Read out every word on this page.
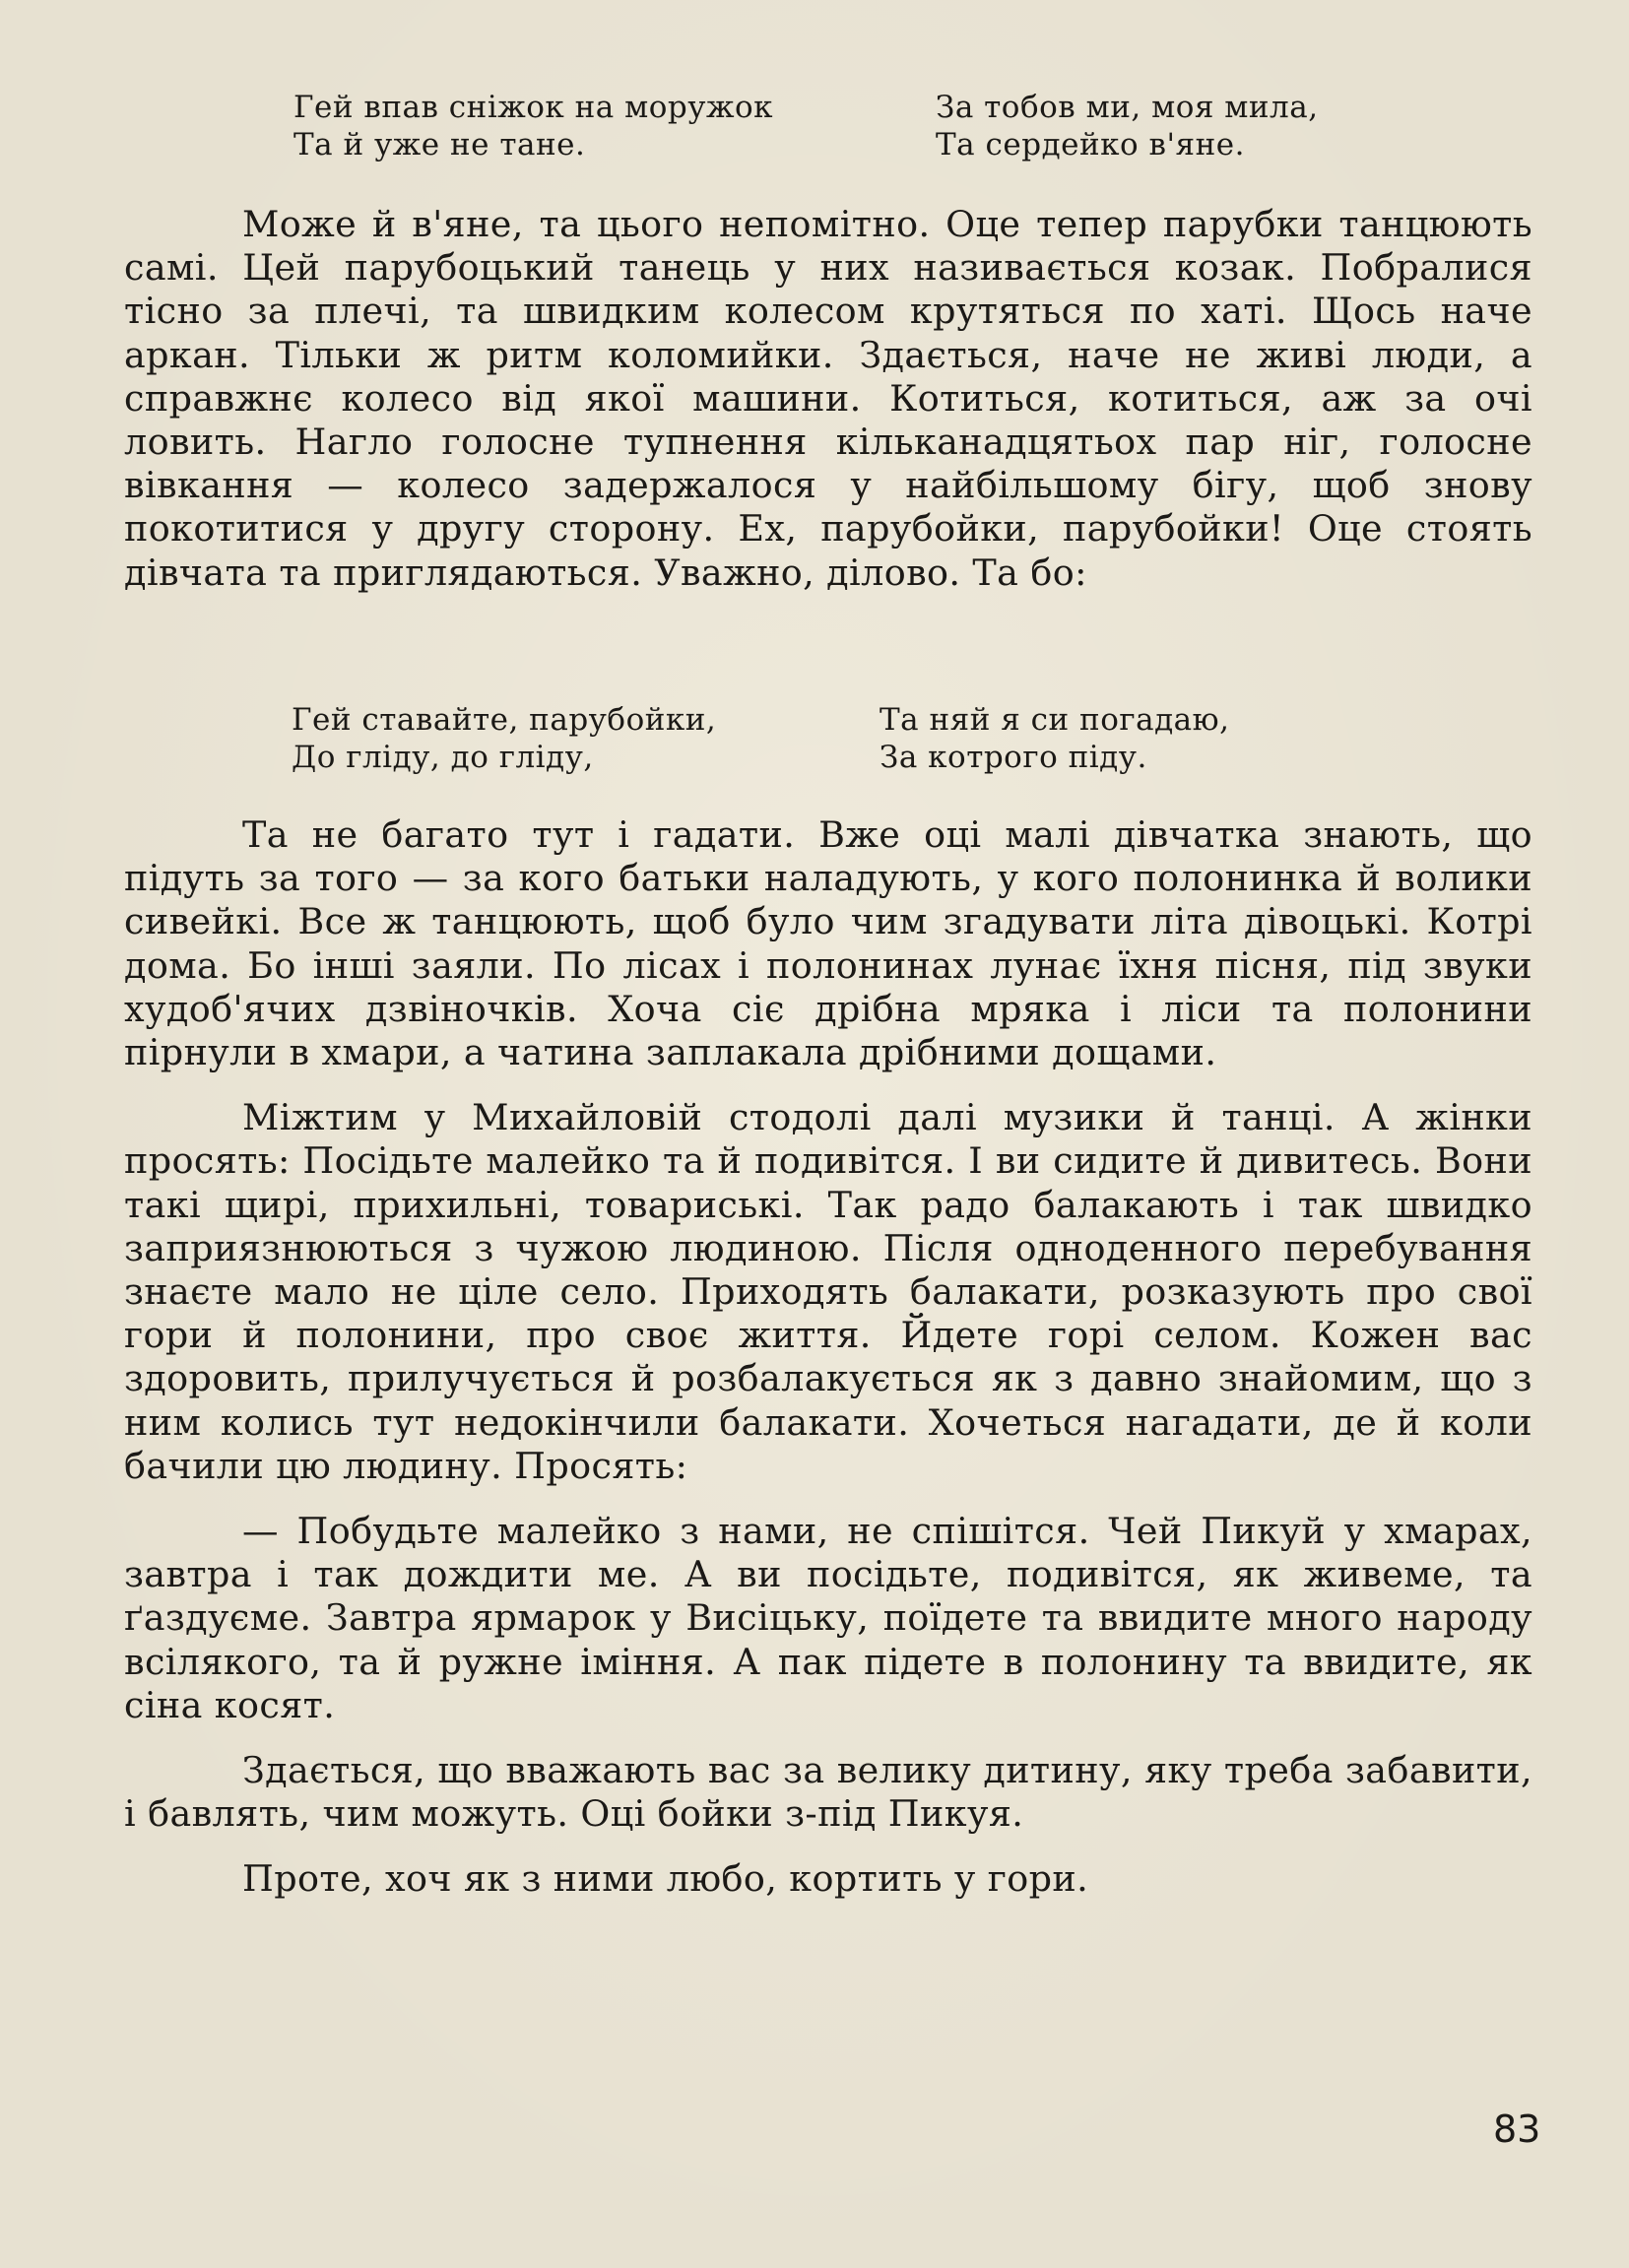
Гей впав сніжок на моружок
Та й уже не тане.
За тобов ми, моя мила,
Та сердейко в'яне.

Може й в'яне, та цього непомітно. Оце тепер парубки танцюють самі. Цей парубоцький танець у них називається козак. Побралися тісно за плечі, та швидким колесом крутяться по хаті. Щось наче аркан. Тільки ж ритм коломийки. Здається, наче не живі люди, а справжнє колесо від якої машини. Котиться, котиться, аж за очі ловить. Нагло голосне тупнення кільканадцятьох пар ніг, голосне вівкання — колесо задержалося у найбільшому бігу, щоб знову покотитися у другу сторону. Ех, парубойки, парубойки! Оце стоять дівчата та приглядаються. Уважно, ділово. Та бо:

Гей ставайте, парубойки,
До гліду, до гліду,
Та няй я си погадаю,
За котрого піду.

Та не багато тут і гадати. Вже оці малі дівчатка знають, що підуть за того — за кого батьки наладують, у кого полонинка й волики сивейкі. Все ж танцюють, щоб було чим згадувати літа дівоцькі. Котрі дома. Бо інші заяли. По лісах і полонинах лунає їхня пісня, під звуки худоб'ячих дзвіночків. Хоча сіє дрібна мряка і ліси та полонини пірнули в хмари, а чатина заплакала дрібними дощами.

Міжтим у Михайловій стодолі далі музики й танці. А жінки просять: Посідьте малейко та й подивітся. І ви сидите й дивитесь. Вони такі щирі, прихильні, товариські. Так радо балакають і так швидко заприязнюються з чужою людиною. Після одноденного перебування знаєте мало не ціле село. Приходять балакати, розказують про свої гори й полонини, про своє життя. Йдете горі селом. Кожен вас здоровить, прилучується й розбалакується як з давно знайомим, що з ним колись тут недокінчили балакати. Хочеться нагадати, де й коли бачили цю людину. Просять:

— Побудьте малейко з нами, не спішітся. Чей Пикуй у хмарах, завтра і так дождити ме. А ви посідьте, подивітся, як живеме, та ґаздуєме. Завтра ярмарок у Висіцьку, поїдете та ввидите много народу всілякого, та й ружне іміння. А пак підете в полонину та ввидите, як сіна косят.

Здається, що вважають вас за велику дитину, яку треба забавити, і бавлять, чим можуть. Оці бойки з-під Пикуя.

Проте, хоч як з ними любо, кортить у гори.

83
